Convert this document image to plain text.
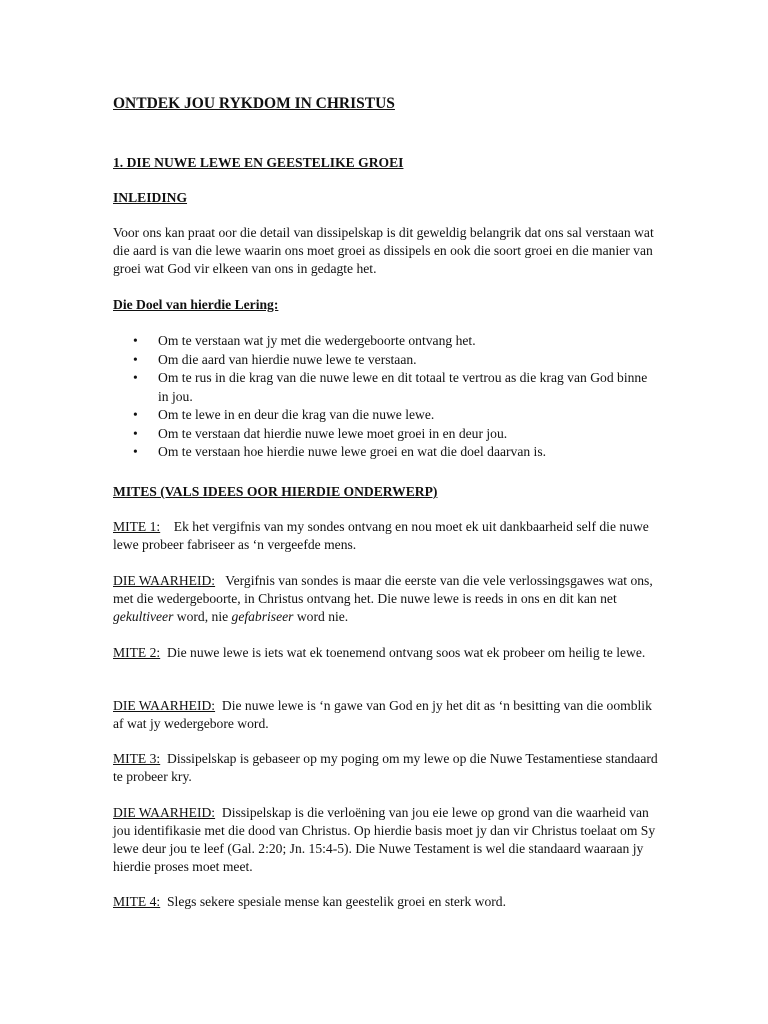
ONTDEK JOU RYKDOM IN CHRISTUS
1. DIE NUWE LEWE EN GEESTELIKE GROEI
INLEIDING

Voor ons kan praat oor die detail van dissipelskap is dit geweldig belangrik dat ons sal verstaan wat die aard is van die lewe waarin ons moet groei as dissipels en ook die soort groei en die manier van groei wat God vir elkeen van ons in gedagte het.

Die Doel van hierdie Lering:
• Om te verstaan wat jy met die wedergeboorte ontvang het.
• Om die aard van hierdie nuwe lewe te verstaan.
• Om te rus in die krag van die nuwe lewe en dit totaal te vertrou as die krag van God binne in jou.
• Om te lewe in en deur die krag van die nuwe lewe.
• Om te verstaan dat hierdie nuwe lewe moet groei in en deur jou.
• Om te verstaan hoe hierdie nuwe lewe groei en wat die doel daarvan is.
MITES (VALS IDEES OOR HIERDIE ONDERWERP)

MITE 1: Ek het vergifnis van my sondes ontvang en nou moet ek uit dankbaarheid self die nuwe lewe probeer fabriseer as ‘n vergeefde mens.

DIE WAARHEID: Vergifnis van sondes is maar die eerste van die vele verlossingsgawes wat ons, met die wedergeboorte, in Christus ontvang het. Die nuwe lewe is reeds in ons en dit kan net gekultiveer word, nie gefabriseer word nie.

MITE 2: Die nuwe lewe is iets wat ek toenemend ontvang soos wat ek probeer om heilig te lewe.

DIE WAARHEID: Die nuwe lewe is ‘n gawe van God en jy het dit as ‘n besitting van die oomblik af wat jy wedergebore word.

MITE 3: Dissipelskap is gebaseer op my poging om my lewe op die Nuwe Testamentiese standaard te probeer kry.

DIE WAARHEID: Dissipelskap is die verloëning van jou eie lewe op grond van die waarheid van jou identifikasie met die dood van Christus. Op hierdie basis moet jy dan vir Christus toelaat om Sy lewe deur jou te leef (Gal. 2:20; Jn. 15:4-5). Die Nuwe Testament is wel die standaard waaraan jy hierdie proses moet meet.

MITE 4: Slegs sekere spesiale mense kan geestelik groei en sterk word.
